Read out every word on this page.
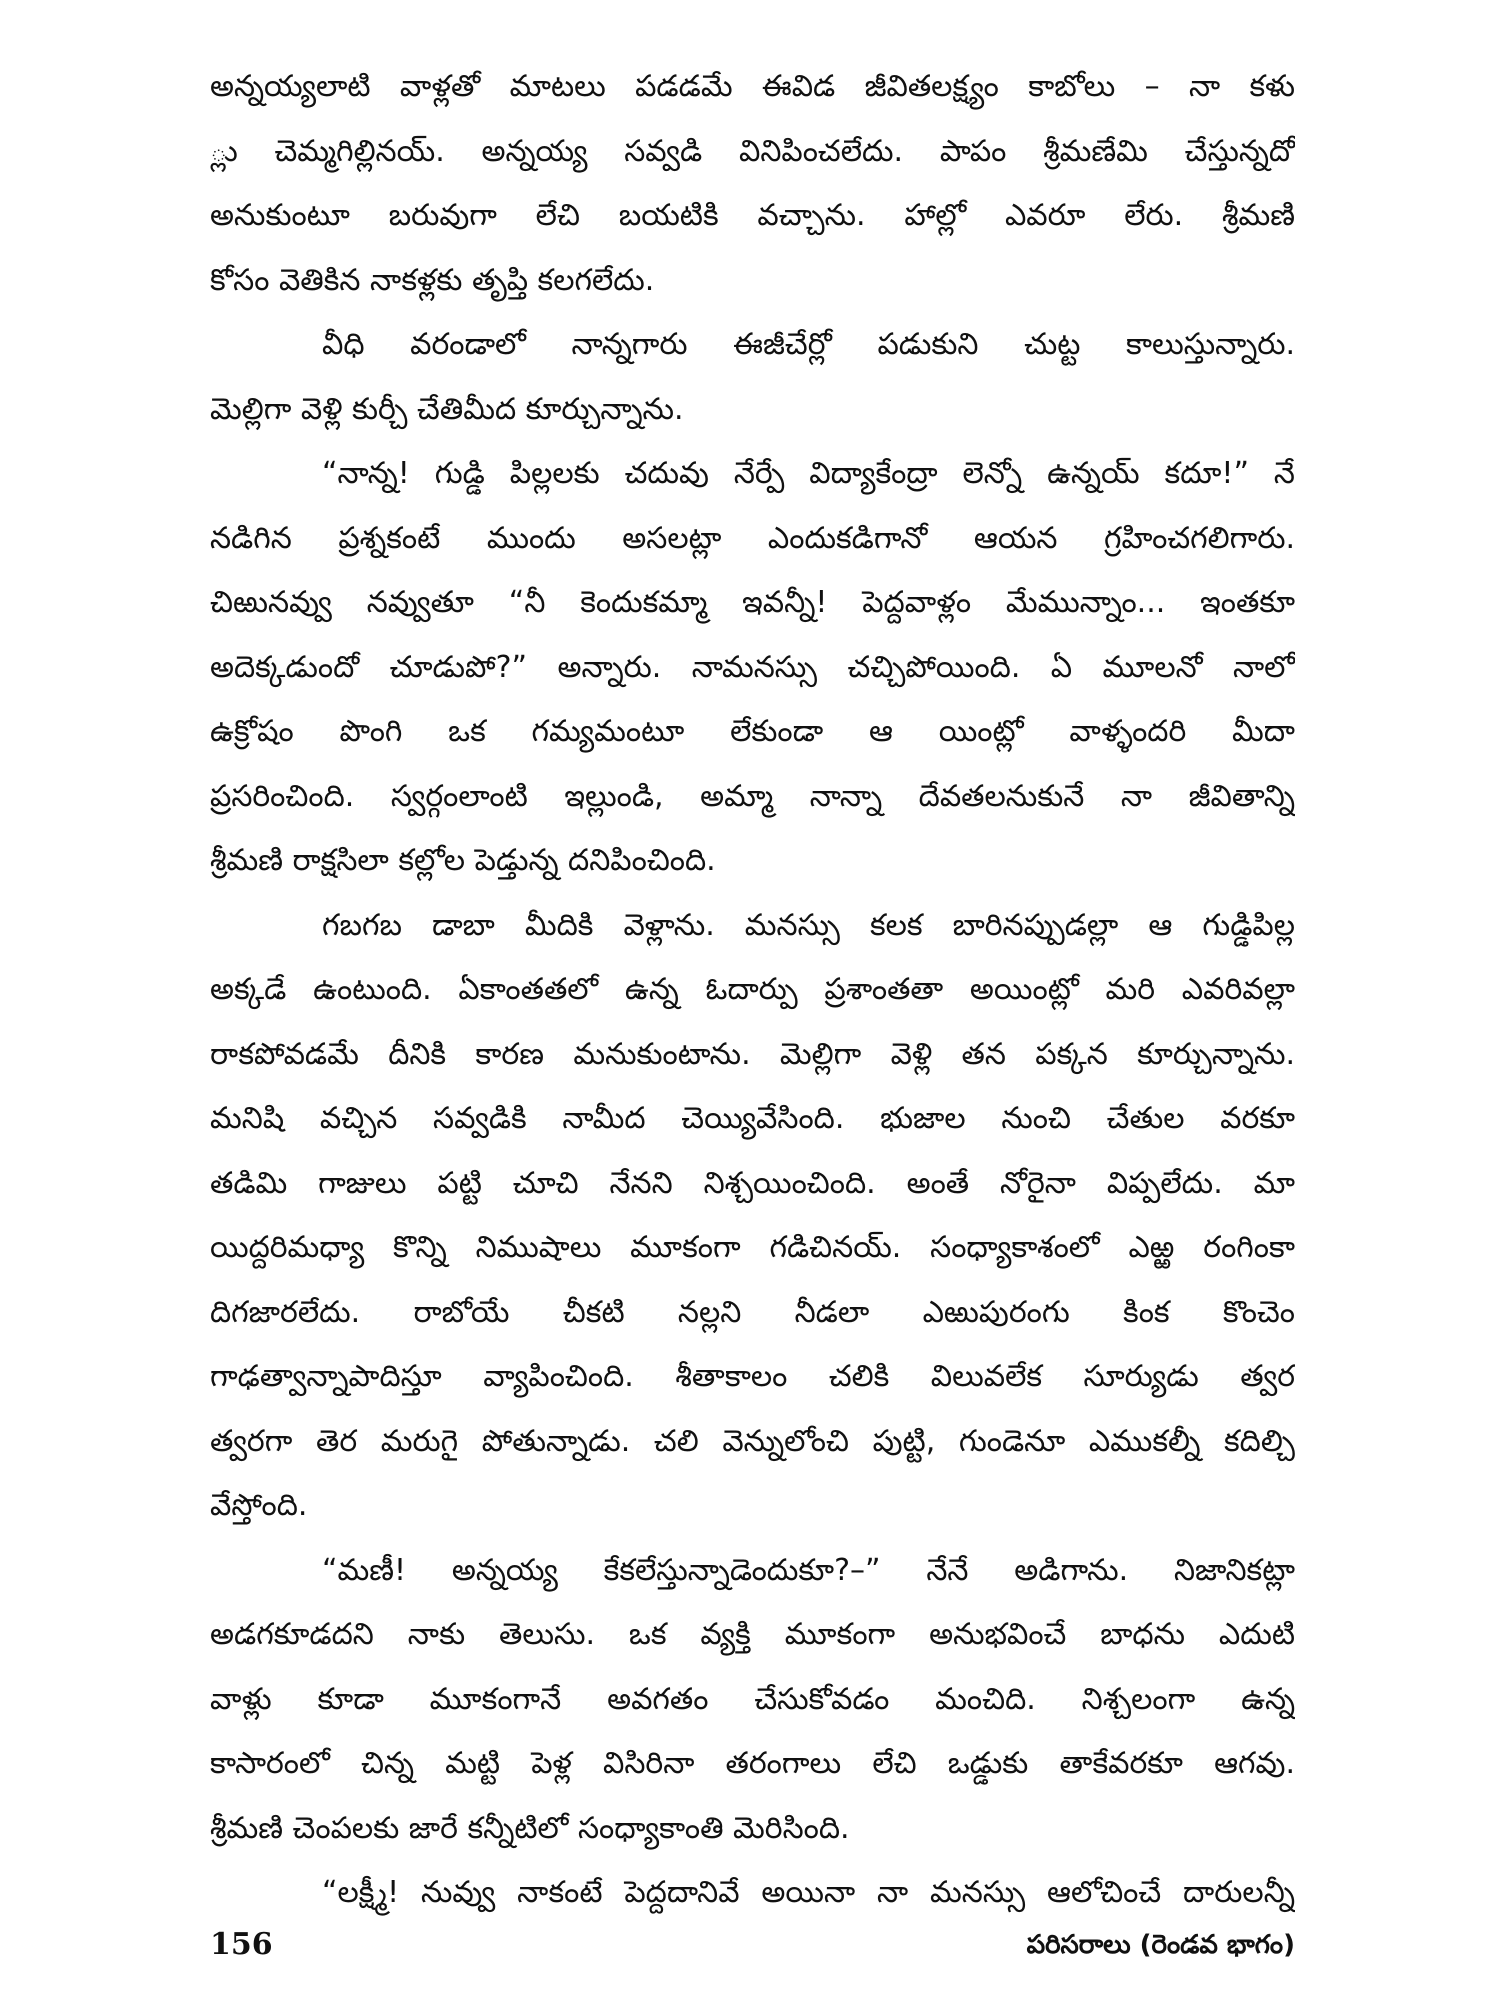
అన్నయ్యలాటి వాళ్లతో మాటలు పడడమే ఈవిడ జీవితలక్ష్యం కాబోలు – నా కళు
్లు చెమ్మగిల్లినయ్. అన్నయ్య సవ్వడి వినిపించలేదు. పాపం శ్రీమణేమి చేస్తున్నదో
అనుకుంటూ బరువుగా లేచి బయటికి వచ్చాను. హాల్లో ఎవరూ లేరు. శ్రీమణి
కోసం వెతికిన నాకళ్లకు తృప్తి కలగలేదు.
వీధి వరండాలో నాన్నగారు ఈజీచేర్లో పడుకుని చుట్ట కాలుస్తున్నారు.
మెల్లిగా వెళ్లి కుర్చీ చేతిమీద కూర్చున్నాను.
“నాన్న! గుడ్డి పిల్లలకు చదువు నేర్పే విద్యాకేంద్రా లెన్నో ఉన్నయ్ కదూ!” నే
నడిగిన ప్రశ్నకంటే ముందు అసలట్లా ఎందుకడిగానో ఆయన గ్రహించగలిగారు.
చిఱునవ్వు నవ్వుతూ “నీ కెందుకమ్మా ఇవన్నీ! పెద్దవాళ్లం మేమున్నాం... ఇంతకూ
అదెక్కడుందో చూడుపో?” అన్నారు. నామనస్సు చచ్చిపోయింది. ఏ మూలనో నాలో
ఉక్రోషం పొంగి ఒక గమ్యమంటూ లేకుండా ఆ యింట్లో వాళ్ళందరి మీదా
ప్రసరించింది. స్వర్గంలాంటి ఇల్లుండి, అమ్మా నాన్నా దేవతలనుకునే నా జీవితాన్ని
శ్రీమణి రాక్షసిలా కల్లోల పెడ్తున్న దనిపించింది.
గబగబ డాబా మీదికి వెళ్లాను. మనస్సు కలక బారినప్పుడల్లా ఆ గుడ్డిపిల్ల
అక్కడే ఉంటుంది. ఏకాంతతలో ఉన్న ఓదార్పు ప్రశాంతతా అయింట్లో మరి ఎవరివల్లా
రాకపోవడమే దీనికి కారణ మనుకుంటాను. మెల్లిగా వెళ్లి తన పక్కన కూర్చున్నాను.
మనిషి వచ్చిన సవ్వడికి నామీద చెయ్యివేసింది. భుజాల నుంచి చేతుల వరకూ
తడిమి గాజులు పట్టి చూచి నేనని నిశ్చయించింది. అంతే నోరైనా విప్పలేదు. మా
యిద్దరిమధ్యా కొన్ని నిముషాలు మూకంగా గడిచినయ్. సంధ్యాకాశంలో ఎఱ్ఱ రంగింకా
దిగజారలేదు. రాబోయే చీకటి నల్లని నీడలా ఎఱుపురంగు కింక కొంచెం
గాఢత్వాన్నాపాదిస్తూ వ్యాపించింది. శీతాకాలం చలికి విలువలేక సూర్యుడు త్వర
త్వరగా తెర మరుగై పోతున్నాడు. చలి వెన్నులోంచి పుట్టి, గుండెనూ ఎముకల్నీ కదిల్చి
వేస్తోంది.
“మణీ! అన్నయ్య కేకలేస్తున్నాడెందుకూ?–” నేనే అడిగాను. నిజానికట్లా
అడగకూడదని నాకు తెలుసు. ఒక వ్యక్తి మూకంగా అనుభవించే బాధను ఎదుటి
వాళ్లు కూడా మూకంగానే అవగతం చేసుకోవడం మంచిది. నిశ్చలంగా ఉన్న
కాసారంలో చిన్న మట్టి పెళ్ల విసిరినా తరంగాలు లేచి ఒడ్డుకు తాకేవరకూ ఆగవు.
శ్రీమణి చెంపలకు జారే కన్నీటిలో సంధ్యాకాంతి మెరిసింది.
“లక్ష్మీ! నువ్వు నాకంటే పెద్దదానివే అయినా నా మనస్సు ఆలోచించే దారులన్నీ
156	పరిసరాలు (రెండవ భాగం)
